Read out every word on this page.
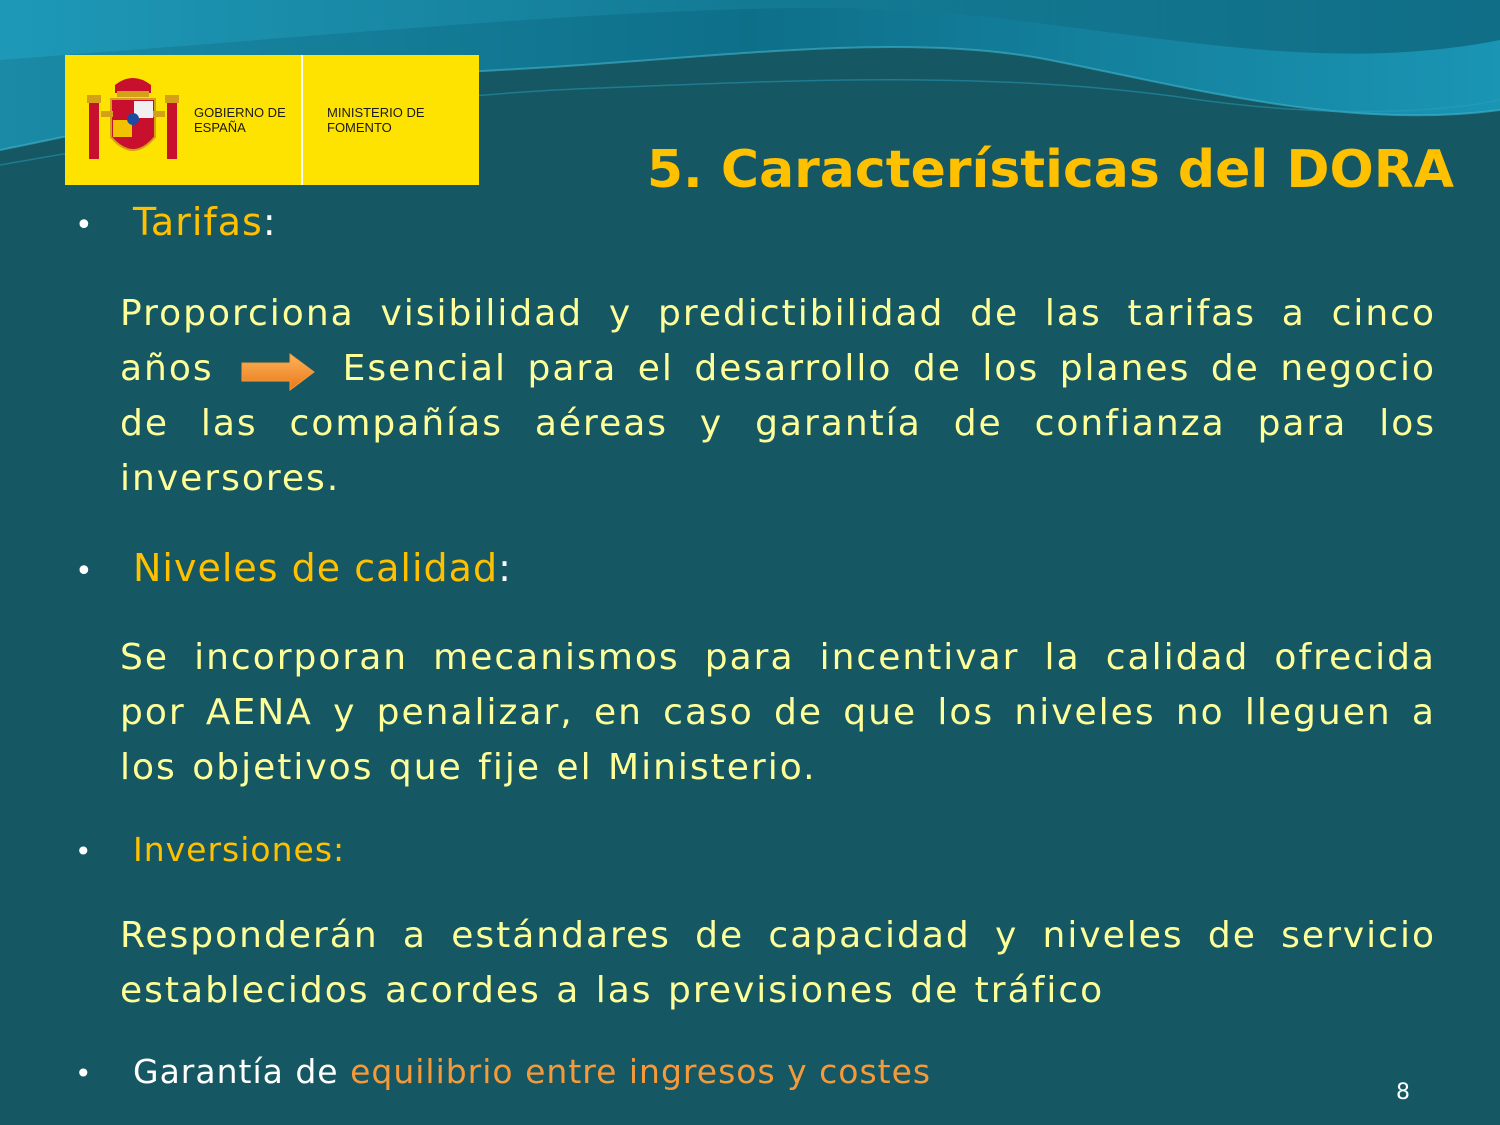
GOBIERNO DE ESPAÑA
MINISTERIO DE FOMENTO
5. Características del DORA
• Tarifas:
Proporciona visibilidad y predictibilidad de las tarifas a cinco años	Esencial para el desarrollo de los planes de negocio de las compañías aéreas y garantía de confianza para los inversores.
• Niveles de calidad:
Se incorporan mecanismos para incentivar la calidad ofrecida por AENA y penalizar, en caso de que los niveles no lleguen a los objetivos que fije el Ministerio.
• Inversiones:
Responderán a estándares de capacidad y niveles de servicio establecidos acordes a las previsiones de tráfico
• Garantía de equilibrio entre ingresos y costes
8
